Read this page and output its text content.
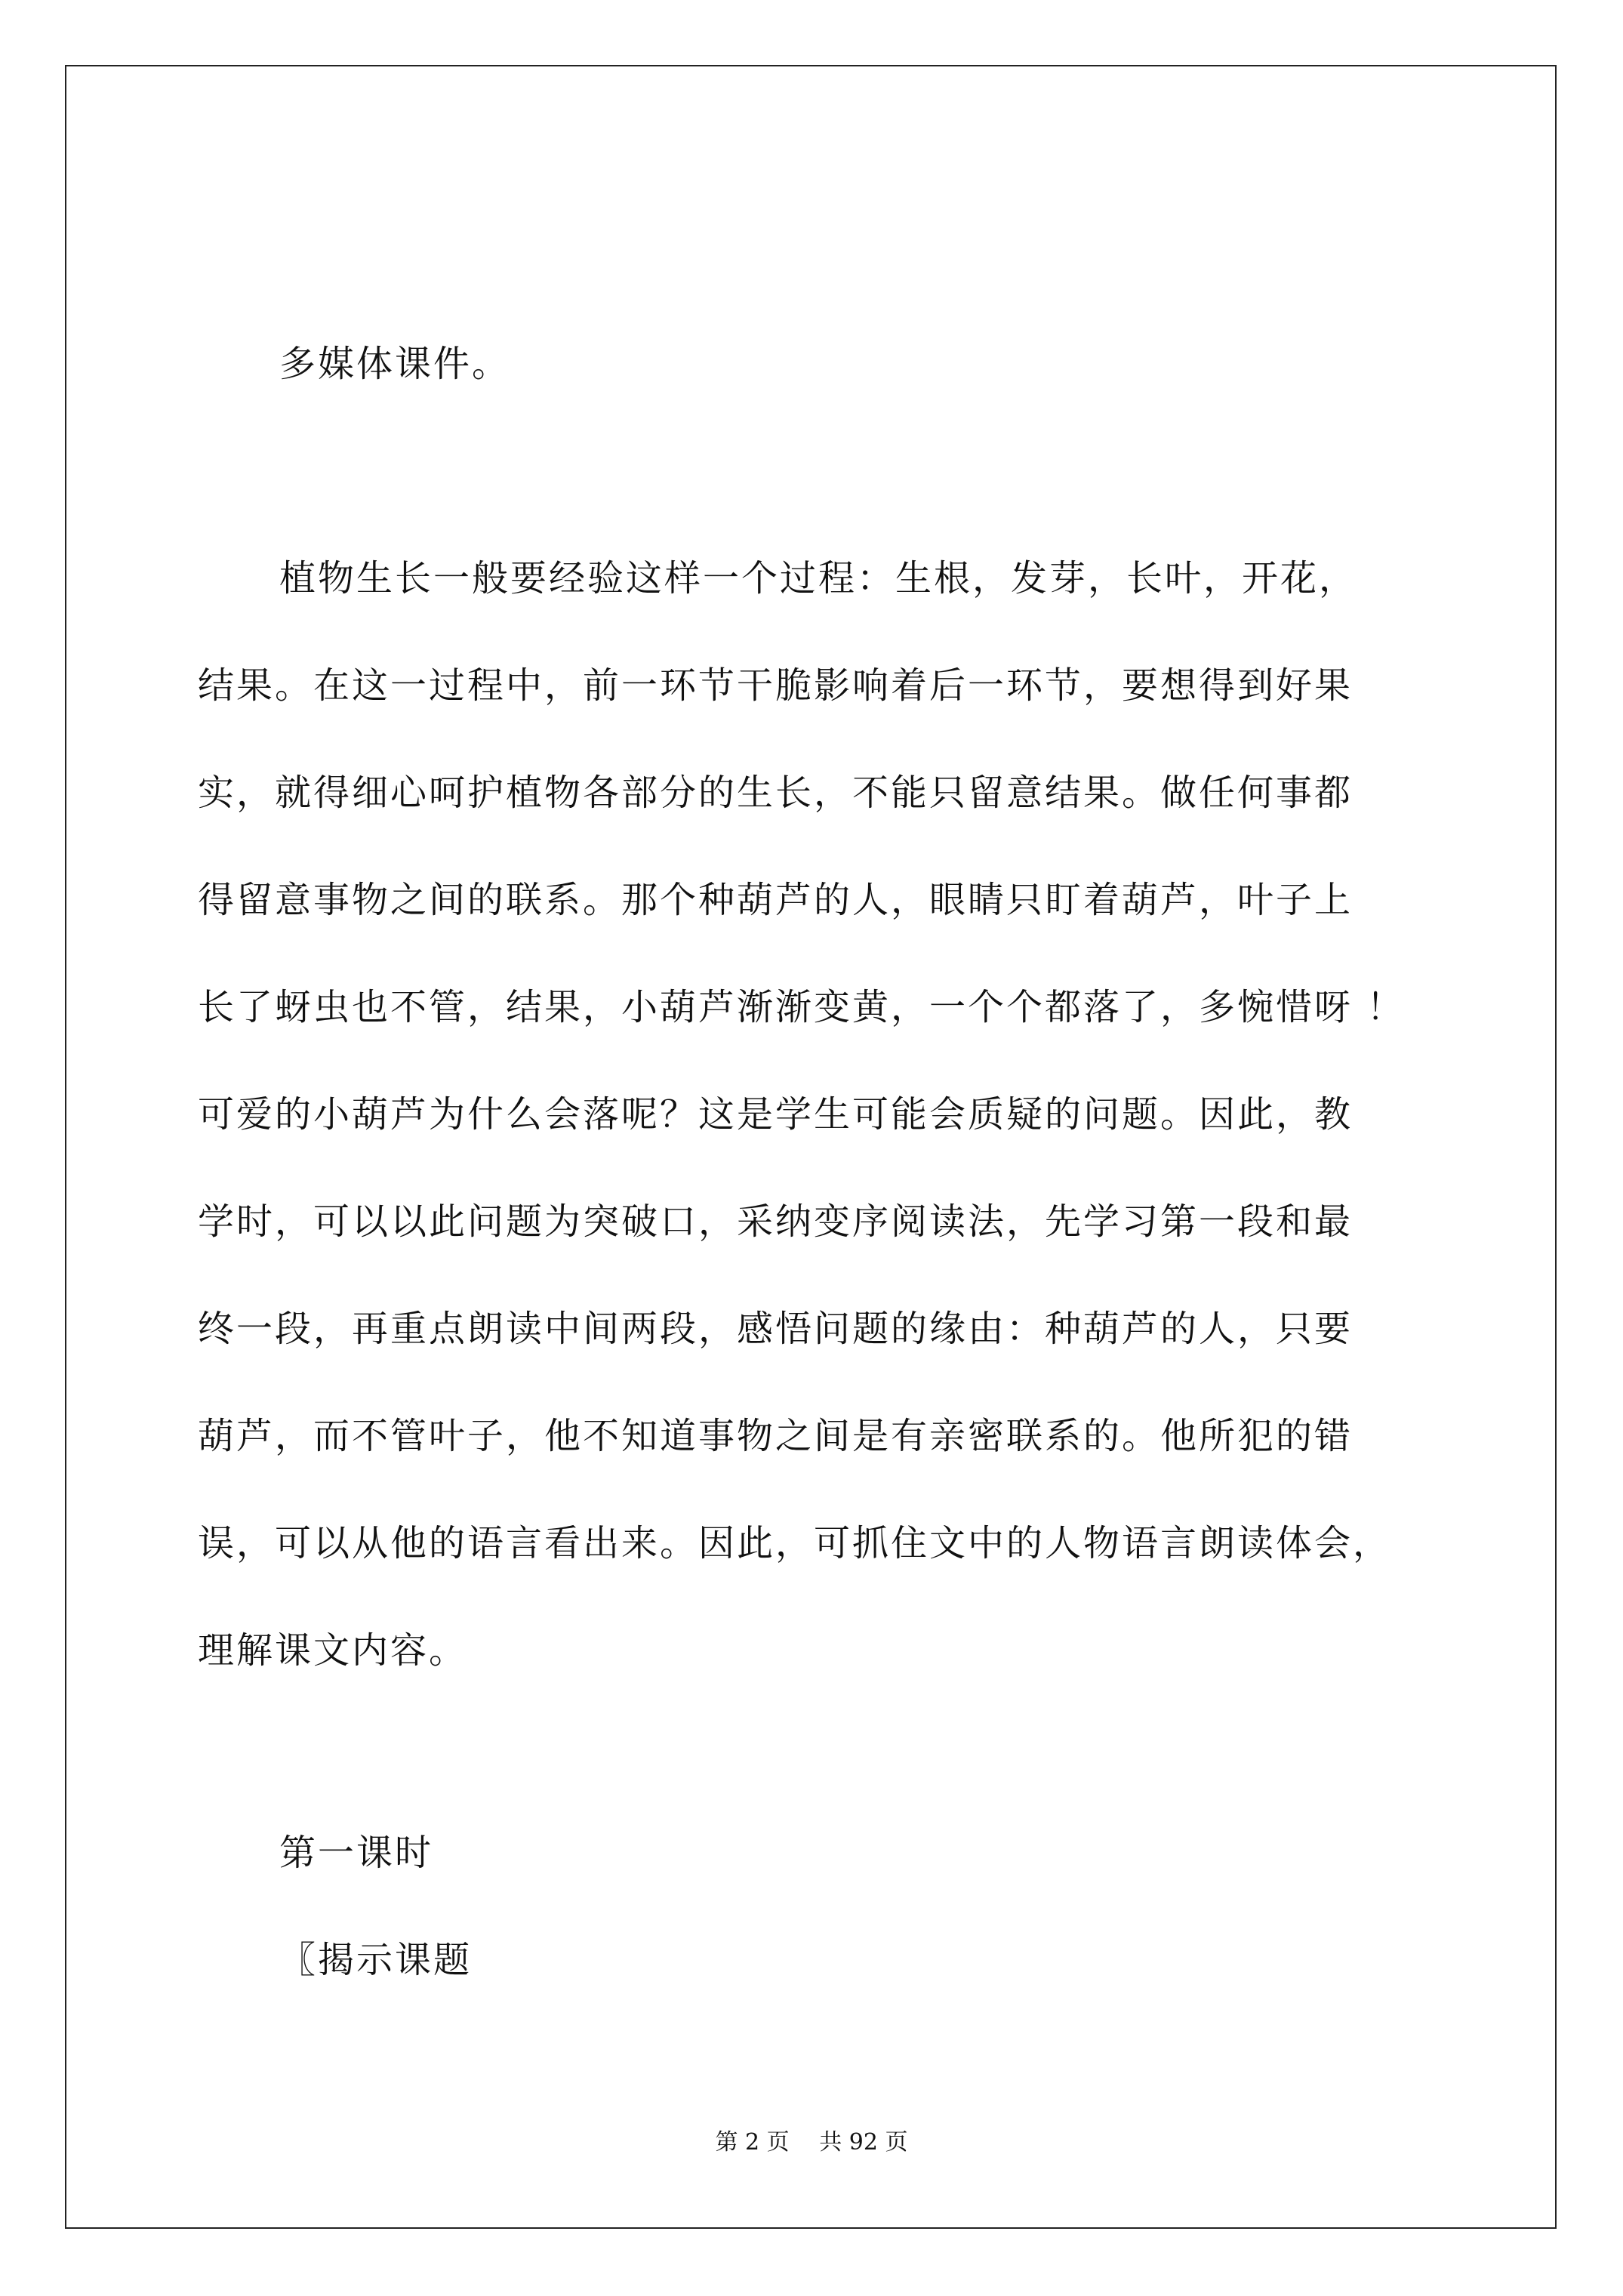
多媒体课件。
植物生长一般要经验这样一个过程：生根，发芽，长叶，开花，
结果。在这一过程中，前一环节干脆影响着后一环节，要想得到好果
实，就得细心呵护植物各部分的生长，不能只留意结果。做任何事都
得留意事物之间的联系。那个种葫芦的人，眼睛只盯着葫芦，叶子上
长了蚜虫也不管，结果，小葫芦渐渐变黄，一个个都落了，多惋惜呀 ！
可爱的小葫芦为什么会落呢？这是学生可能会质疑的问题。因此，教
学时，可以以此问题为突破口，采纳变序阅读法，先学习第一段和最
终一段，再重点朗读中间两段，感悟问题的缘由：种葫芦的人，只要
葫芦，而不管叶子，他不知道事物之间是有亲密联系的。他所犯的错
误，可以从他的语言看出来。因此，可抓住文中的人物语言朗读体会，
理解课文内容。
第一课时
〖揭示课题
第 2 页　 共 92 页
